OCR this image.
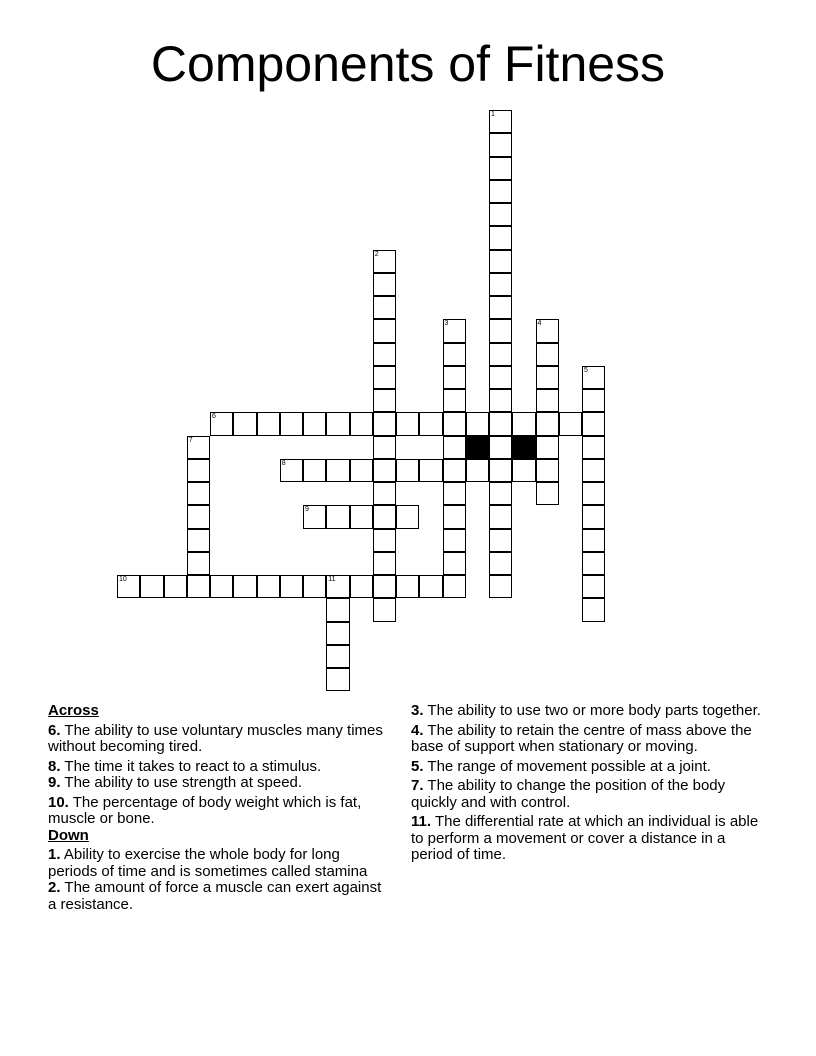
Components of Fitness
1
2
3	4
5
6
7
8
9
10	11

Across

6. The ability to use voluntary muscles many times without becoming tired.

8. The time it takes to react to a stimulus.

9. The ability to use strength at speed.

10. The percentage of body weight which is fat, muscle or bone.

Down

1. Ability to exercise the whole body for long periods of time and is sometimes called stamina

2. The amount of force a muscle can exert against a resistance.

3. The ability to use two or more body parts together.

4. The ability to retain the centre of mass above the base of support when stationary or moving.

5. The range of movement possible at a joint.

7. The ability to change the position of the body quickly and with control.

11. The differential rate at which an individual is able to perform a movement or cover a distance in a period of time.
